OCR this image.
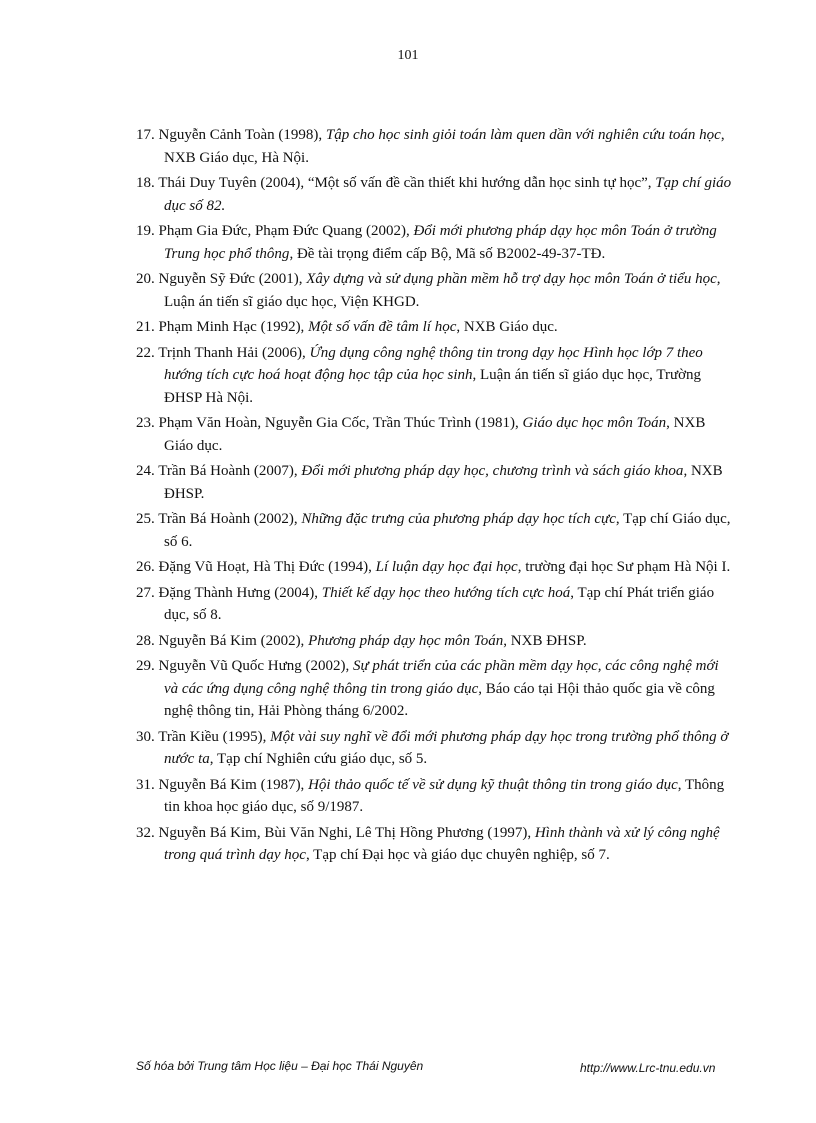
101

17. Nguyễn Cảnh Toàn (1998), Tập cho học sinh giỏi toán làm quen dần với nghiên cứu toán học, NXB Giáo dục, Hà Nội.

18. Thái Duy Tuyên (2004), “Một số vấn đề cần thiết khi hướng dẫn học sinh tự học”, Tạp chí giáo dục số 82.

19. Phạm Gia Đức, Phạm Đức Quang (2002), Đổi mới phương pháp dạy học môn Toán ở trường Trung học phổ thông, Đề tài trọng điểm cấp Bộ, Mã số B2002-49-37-TĐ.

20. Nguyễn Sỹ Đức (2001), Xây dựng và sử dụng phần mềm hỗ trợ dạy học môn Toán ở tiểu học, Luận án tiến sĩ giáo dục học, Viện KHGD.

21. Phạm Minh Hạc (1992), Một số vấn đề tâm lí học, NXB Giáo dục.

22. Trịnh Thanh Hải (2006), Ứng dụng công nghệ thông tin trong dạy học Hình học lớp 7 theo hướng tích cực hoá hoạt động học tập của học sinh, Luận án tiến sĩ giáo dục học, Trường ĐHSP Hà Nội.

23. Phạm Văn Hoàn, Nguyễn Gia Cốc, Trần Thúc Trình (1981), Giáo dục học môn Toán, NXB Giáo dục.

24. Trần Bá Hoành (2007), Đổi mới phương pháp dạy học, chương trình và sách giáo khoa, NXB ĐHSP.

25. Trần Bá Hoành (2002), Những đặc trưng của phương pháp dạy học tích cực, Tạp chí Giáo dục, số 6.

26. Đặng Vũ Hoạt, Hà Thị Đức (1994), Lí luận dạy học đại học, trường đại học Sư phạm Hà Nội I.

27. Đặng Thành Hưng (2004), Thiết kế dạy học theo hướng tích cực hoá, Tạp chí Phát triển giáo dục, số 8.

28. Nguyễn Bá Kim (2002), Phương pháp dạy học môn Toán, NXB ĐHSP.

29. Nguyễn Vũ Quốc Hưng (2002), Sự phát triển của các phần mềm dạy học, các công nghệ mới và các ứng dụng công nghệ thông tin trong giáo dục, Báo cáo tại Hội thảo quốc gia về công nghệ thông tin, Hải Phòng tháng 6/2002.

30. Trần Kiều (1995), Một vài suy nghĩ về đổi mới phương pháp dạy học trong trường phổ thông ở nước ta, Tạp chí Nghiên cứu giáo dục, số 5.

31. Nguyễn Bá Kim (1987), Hội thảo quốc tế về sử dụng kỹ thuật thông tin trong giáo dục, Thông tin khoa học giáo dục, số 9/1987.

32. Nguyễn Bá Kim, Bùi Văn Nghi, Lê Thị Hồng Phương (1997), Hình thành và xử lý công nghệ trong quá trình dạy học, Tạp chí Đại học và giáo dục chuyên nghiệp, số 7.

Số hóa bởi Trung tâm Học liệu – Đại học Thái Nguyên	http://www.Lrc-tnu.edu.vn
